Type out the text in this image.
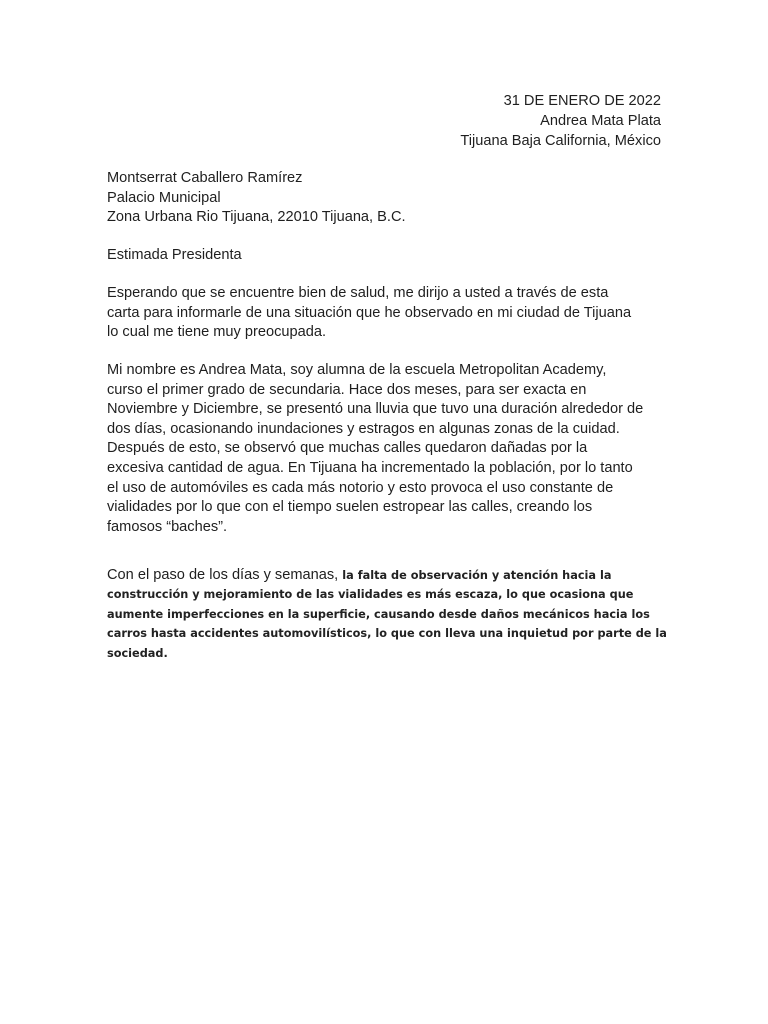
31 DE ENERO DE 2022
Andrea Mata Plata
Tijuana Baja California, México
Montserrat Caballero Ramírez
Palacio Municipal
Zona Urbana Rio Tijuana, 22010 Tijuana, B.C.
Estimada Presidenta
Esperando que se encuentre bien de salud, me dirijo a usted a través de esta
carta para informarle de una situación que he observado en mi ciudad de Tijuana
lo cual me tiene muy preocupada.
Mi nombre es Andrea Mata, soy alumna de la escuela Metropolitan Academy,
curso el primer grado de secundaria. Hace dos meses, para ser exacta en
Noviembre y Diciembre, se presentó una lluvia que tuvo una duración alrededor de
dos días, ocasionando inundaciones y estragos en algunas zonas de la cuidad.
Después de esto, se observó que muchas calles quedaron dañadas por la
excesiva cantidad de agua. En Tijuana ha incrementado la población, por lo tanto
el uso de automóviles es cada más notorio y esto provoca el uso constante de
vialidades por lo que con el tiempo suelen estropear las calles, creando los
famosos “baches”.
Con el paso de los días y semanas, la falta de observación y atención hacia la
construcción y mejoramiento de las vialidades es más escaza, lo que ocasiona que
aumente imperfecciones en la superficie, causando desde daños mecánicos hacia los
carros hasta accidentes automovilísticos, lo que con lleva una inquietud por parte de la
sociedad.
